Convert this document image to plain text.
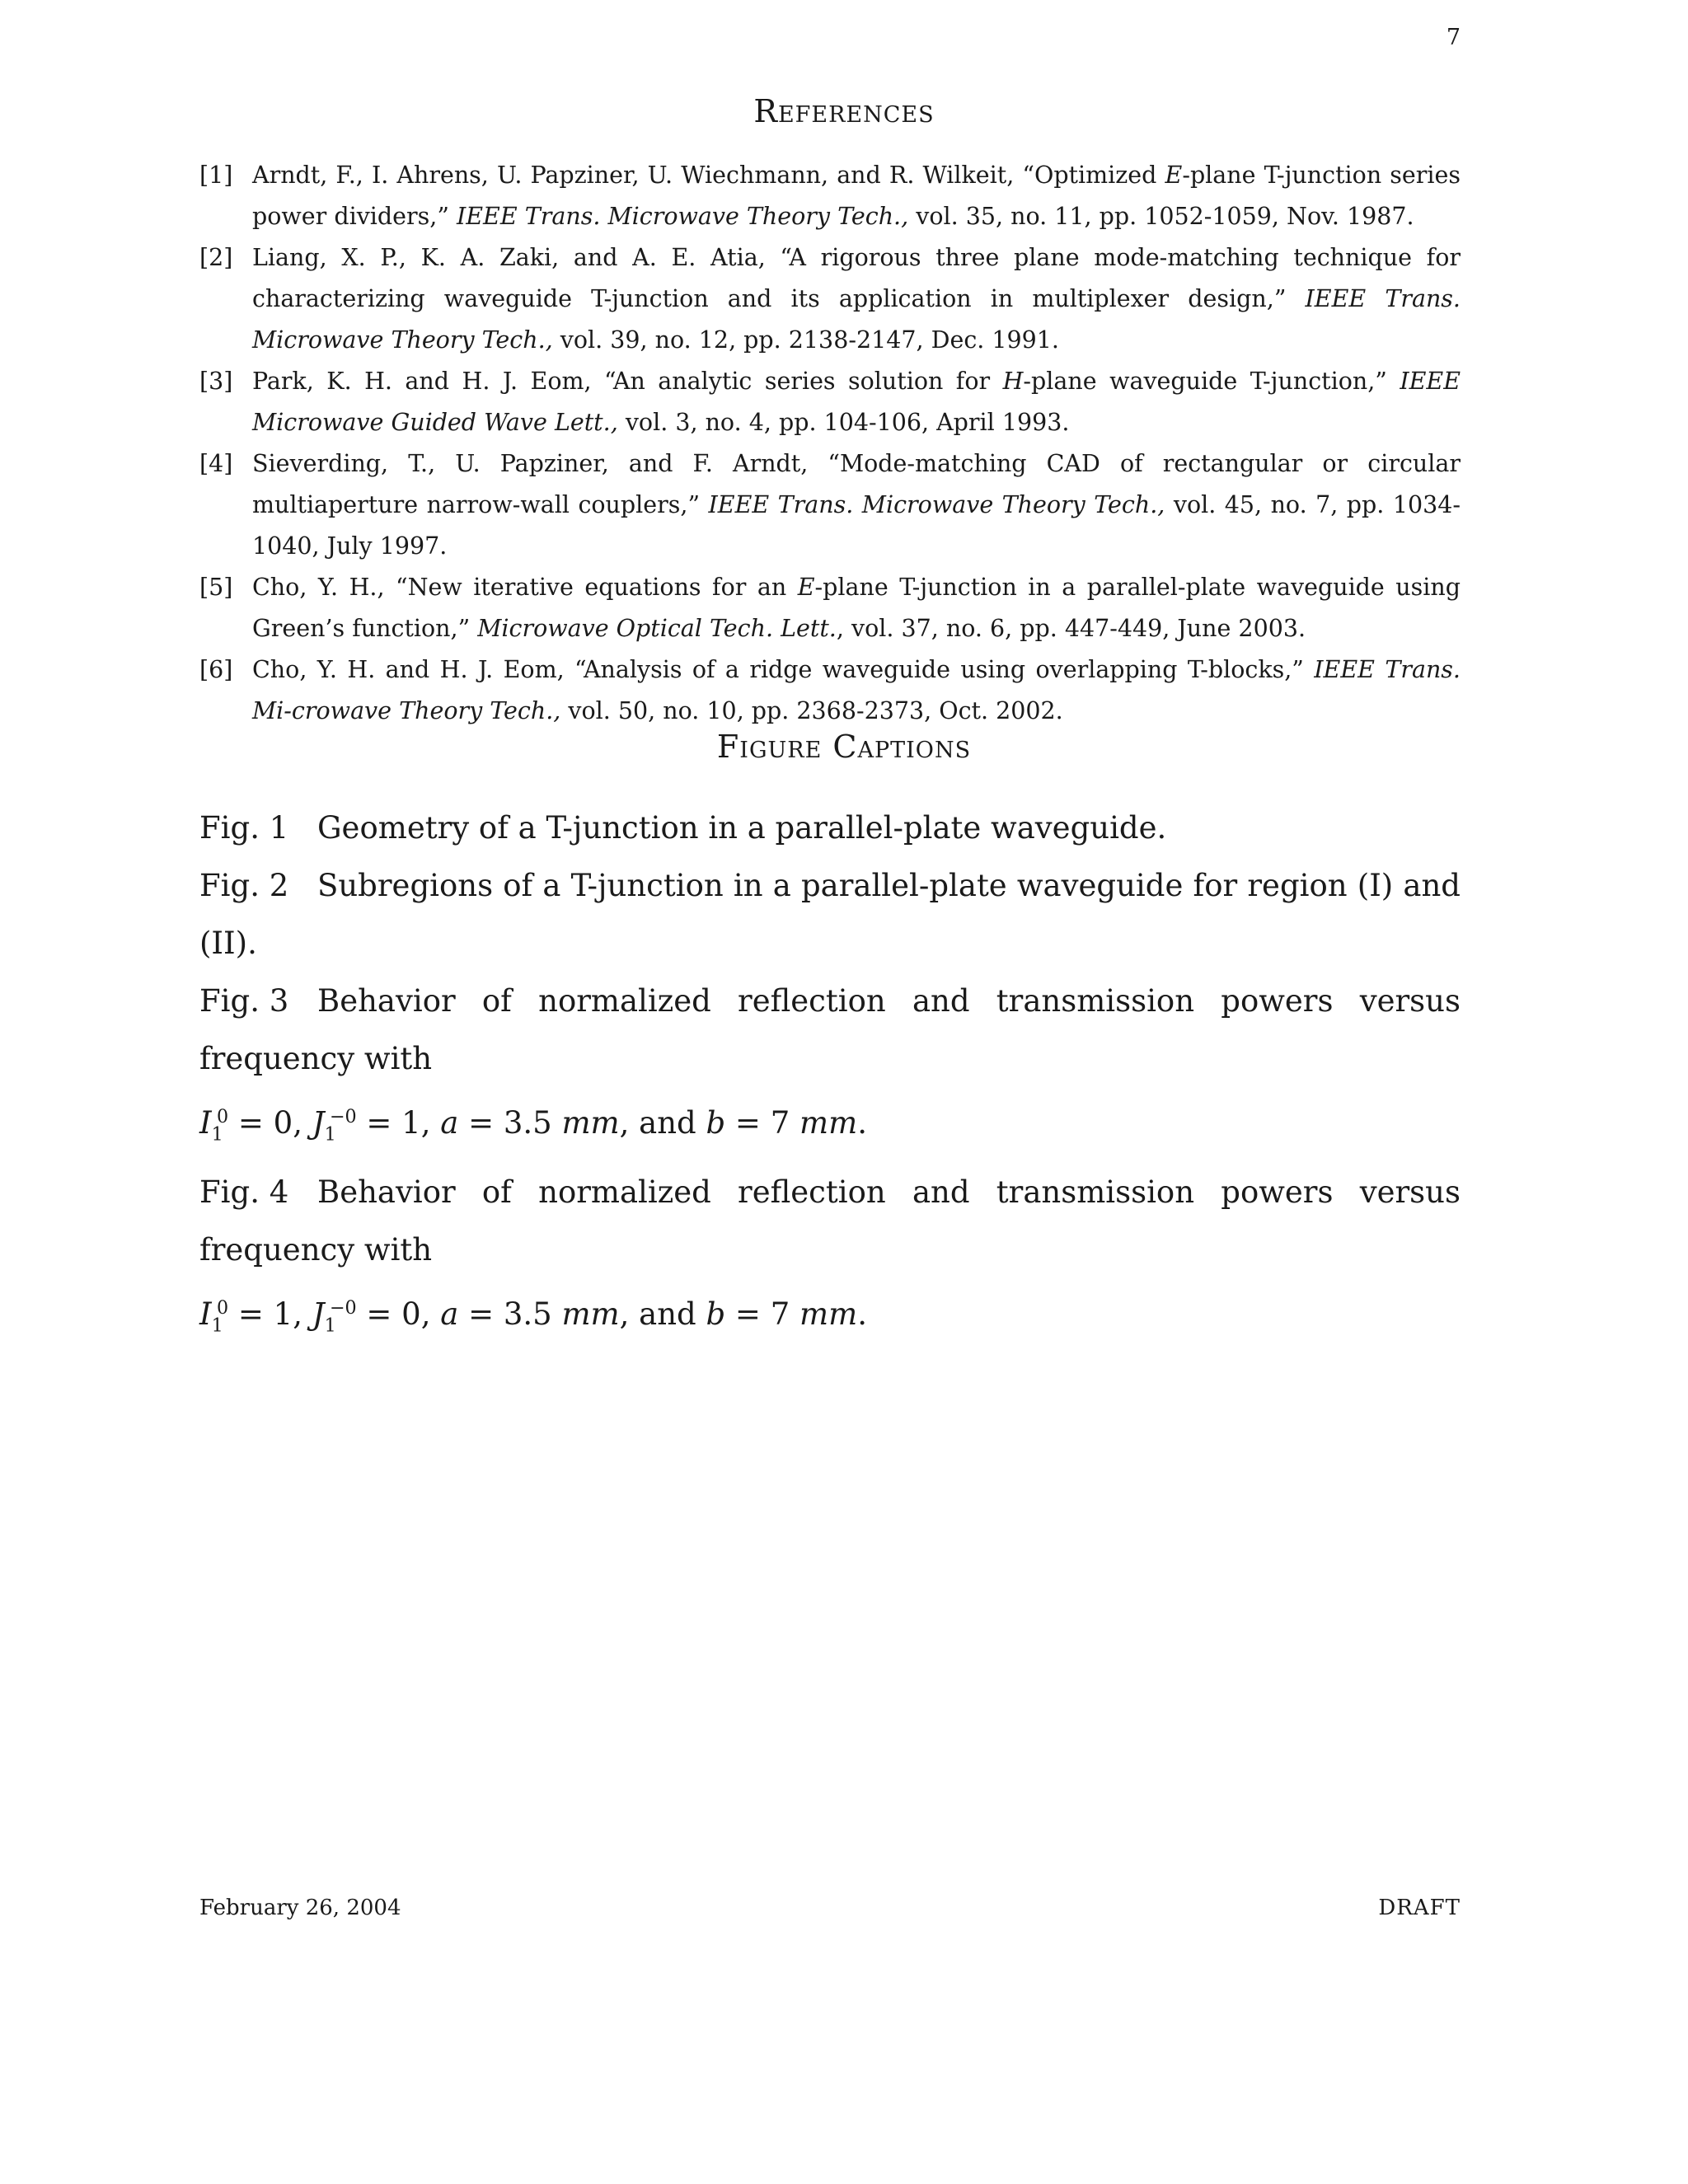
7
References
[1] Arndt, F., I. Ahrens, U. Papziner, U. Wiechmann, and R. Wilkeit, “Optimized E-plane T-junction series power dividers,” IEEE Trans. Microwave Theory Tech., vol. 35, no. 11, pp. 1052-1059, Nov. 1987.
[2] Liang, X. P., K. A. Zaki, and A. E. Atia, “A rigorous three plane mode-matching technique for characterizing waveguide T-junction and its application in multiplexer design,” IEEE Trans. Microwave Theory Tech., vol. 39, no. 12, pp. 2138-2147, Dec. 1991.
[3] Park, K. H. and H. J. Eom, “An analytic series solution for H-plane waveguide T-junction,” IEEE Microwave Guided Wave Lett., vol. 3, no. 4, pp. 104-106, April 1993.
[4] Sieverding, T., U. Papziner, and F. Arndt, “Mode-matching CAD of rectangular or circular multiaperture narrow-wall couplers,” IEEE Trans. Microwave Theory Tech., vol. 45, no. 7, pp. 1034-1040, July 1997.
[5] Cho, Y. H., “New iterative equations for an E-plane T-junction in a parallel-plate waveguide using Green’s function,” Microwave Optical Tech. Lett., vol. 37, no. 6, pp. 447-449, June 2003.
[6] Cho, Y. H. and H. J. Eom, “Analysis of a ridge waveguide using overlapping T-blocks,” IEEE Trans. Mi-crowave Theory Tech., vol. 50, no. 10, pp. 2368-2373, Oct. 2002.
Figure Captions

Fig. 1 Geometry of a T-junction in a parallel-plate waveguide.

Fig. 2 Subregions of a T-junction in a parallel-plate waveguide for region (I) and (II).

Fig. 3 Behavior of normalized reflection and transmission powers versus frequency with
$I_1^0 = 0$, $J_1^{-0} = 1$, a = 3.5 mm, and b = 7 mm.

Fig. 4 Behavior of normalized reflection and transmission powers versus frequency with
$I_1^0 = 1$, $J_1^{-0} = 0$, a = 3.5 mm, and b = 7 mm.

February 26, 2004	DRAFT
